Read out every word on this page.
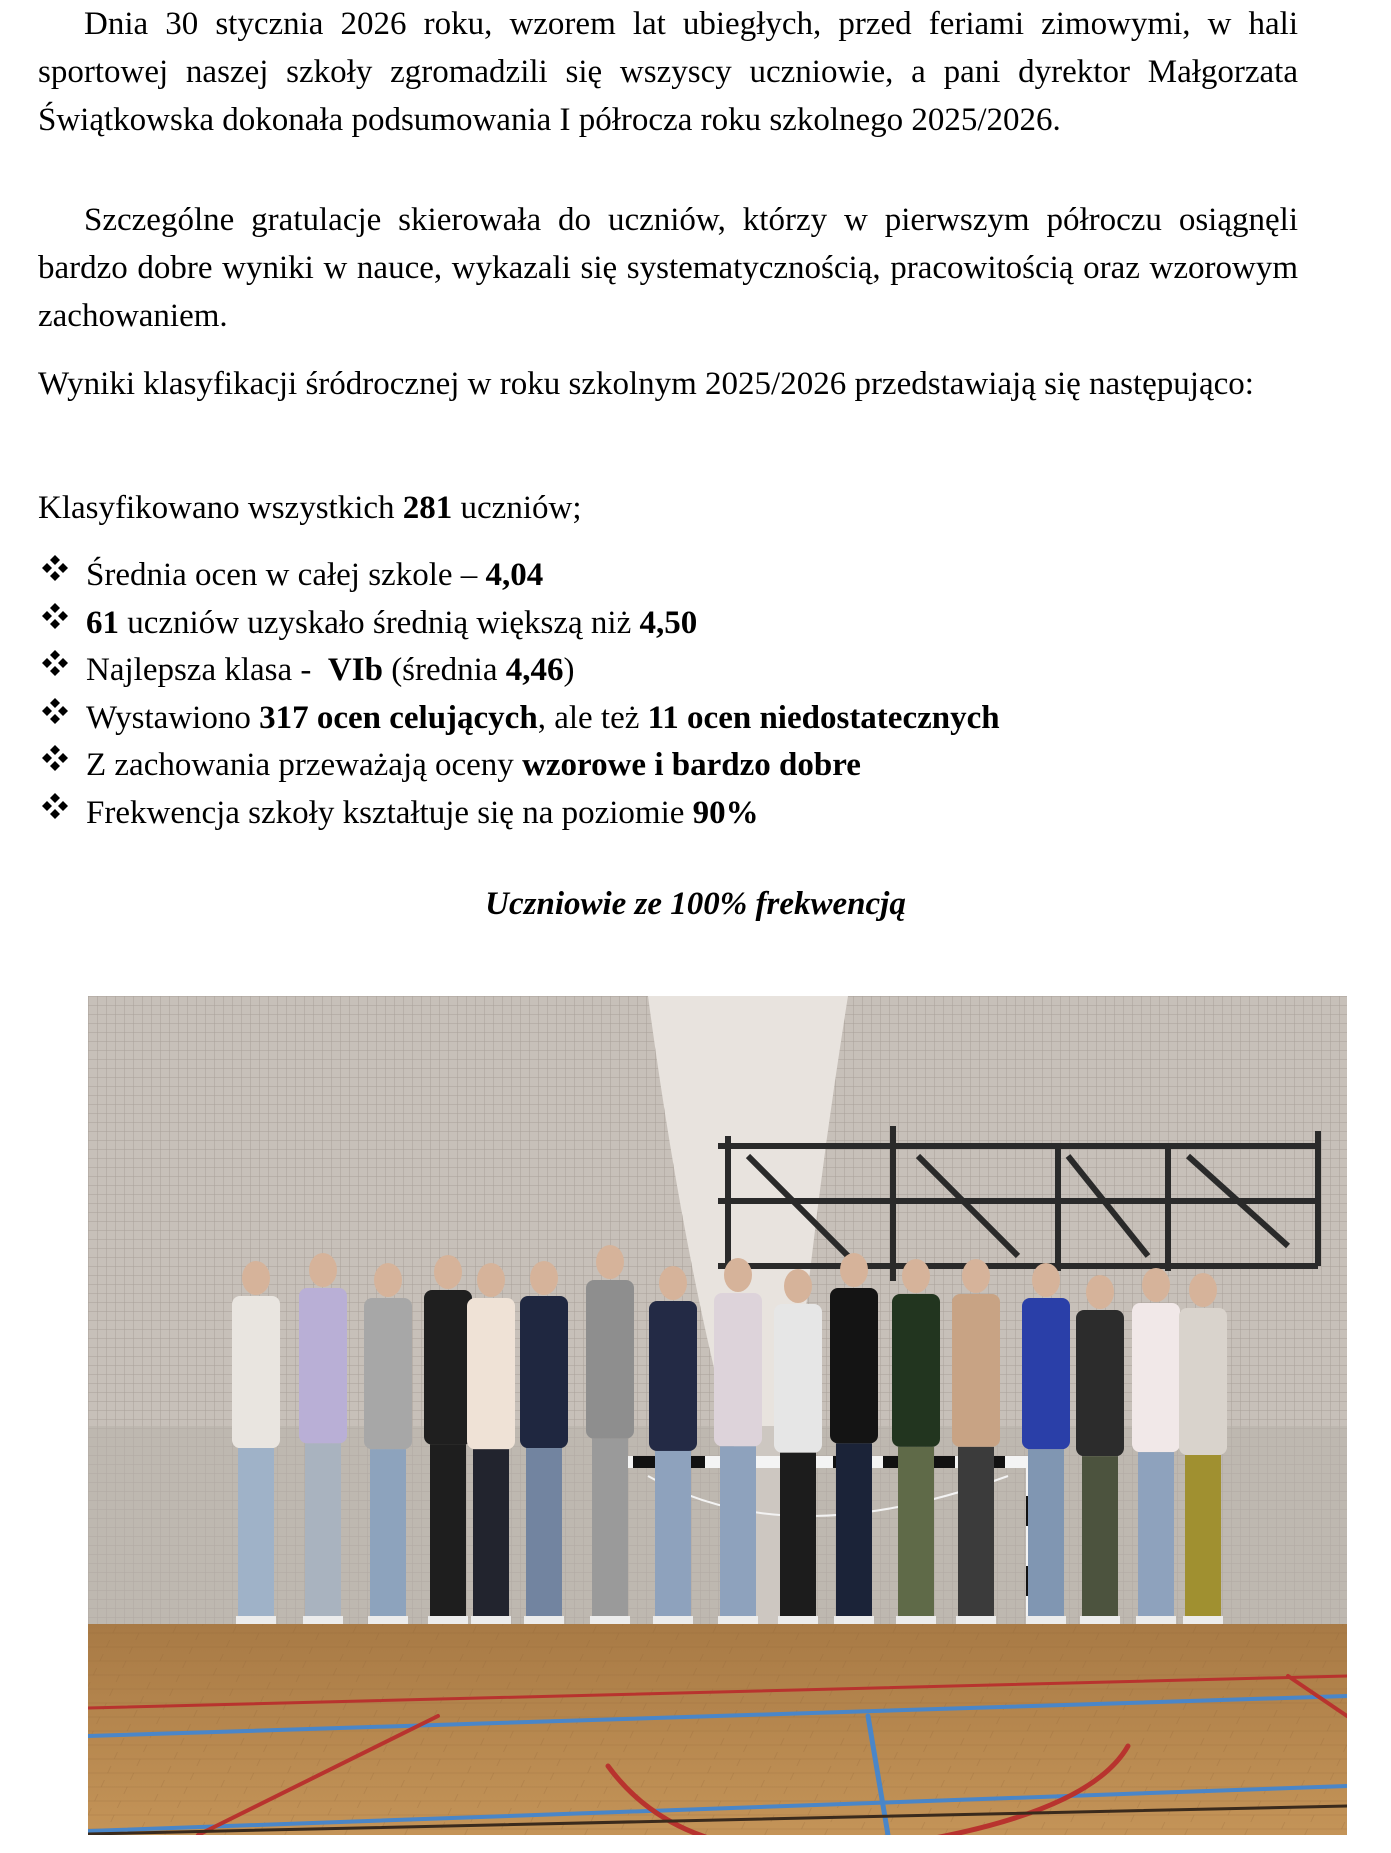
Dnia 30 stycznia 2026 roku, wzorem lat ubiegłych, przed feriami zimowymi, w hali sportowej naszej szkoły zgromadzili się wszyscy uczniowie, a pani dyrektor Małgorzata Świątkowska dokonała podsumowania I półrocza roku szkolnego 2025/2026.

Szczególne gratulacje skierowała do uczniów, którzy w pierwszym półroczu osiągnęli bardzo dobre wyniki w nauce, wykazali się systematycznością, pracowitością oraz wzorowym zachowaniem.

Wyniki klasyfikacji śródrocznej w roku szkolnym 2025/2026 przedstawiają się następująco:

Klasyfikowano wszystkich 281 uczniów;

Średnia ocen w całej szkole – 4,04
61 uczniów uzyskało średnią większą niż 4,50
Najlepsza klasa -  VIb (średnia 4,46)
Wystawiono 317 ocen celujących, ale też 11 ocen niedostatecznych
Z zachowania przeważają oceny wzorowe i bardzo dobre
Frekwencja szkoły kształtuje się na poziomie 90%
Uczniowie ze 100% frekwencją
